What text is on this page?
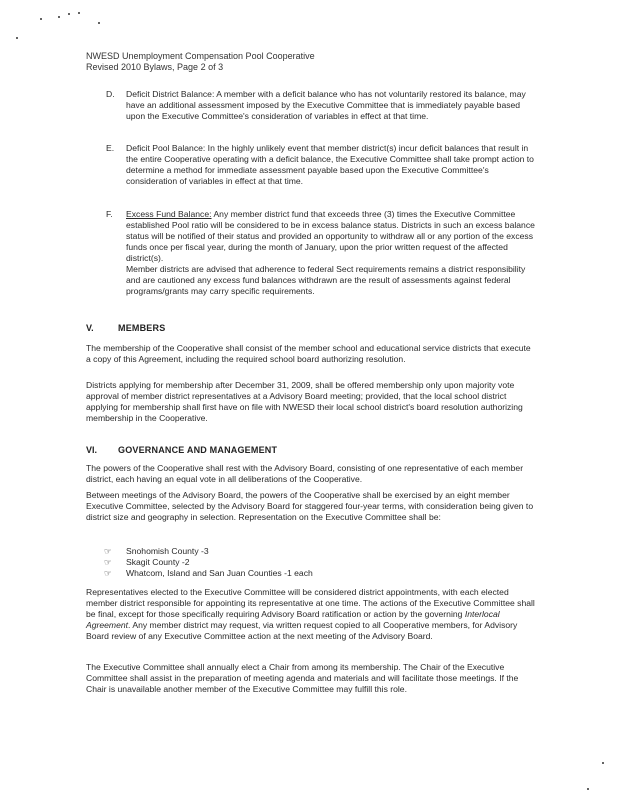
NWESD Unemployment Compensation Pool Cooperative
Revised 2010 Bylaws, Page 2 of 3
D. Deficit District Balance: A member with a deficit balance who has not voluntarily restored its balance, may have an additional assessment imposed by the Executive Committee that is immediately payable based upon the Executive Committee's consideration of variables in effect at that time.
E. Deficit Pool Balance: In the highly unlikely event that member district(s) incur deficit balances that result in the entire Cooperative operating with a deficit balance, the Executive Committee shall take prompt action to determine a method for immediate assessment payable based upon the Executive Committee's consideration of variables in effect at that time.
F. Excess Fund Balance: Any member district fund that exceeds three (3) times the Executive Committee established Pool ratio will be considered to be in excess balance status. Districts in such an excess balance status will be notified of their status and provided an opportunity to withdraw all or any portion of the excess funds once per fiscal year, during the month of January, upon the prior written request of the affected district(s).
Member districts are advised that adherence to federal Sect requirements remains a district responsibility and are cautioned any excess fund balances withdrawn are the result of assessments against federal programs/grants may carry specific requirements.
V.	MEMBERS
The membership of the Cooperative shall consist of the member school and educational service districts that execute a copy of this Agreement, including the required school board authorizing resolution.
Districts applying for membership after December 31, 2009, shall be offered membership only upon majority vote approval of member district representatives at a Advisory Board meeting; provided, that the local school district applying for membership shall first have on file with NWESD their local school district's board resolution authorizing membership in the Cooperative.
VI. GOVERNANCE AND MANAGEMENT
The powers of the Cooperative shall rest with the Advisory Board, consisting of one representative of each member district, each having an equal vote in all deliberations of the Cooperative.
Between meetings of the Advisory Board, the powers of the Cooperative shall be exercised by an eight member Executive Committee, selected by the Advisory Board for staggered four-year terms, with consideration being given to district size and geography in selection. Representation on the Executive Committee shall be:
☞ Snohomish County -3
☞ Skagit County -2
☞ Whatcom, Island and San Juan Counties -1 each
Representatives elected to the Executive Committee will be considered district appointments, with each elected member district responsible for appointing its representative at one time. The actions of the Executive Committee shall be final, except for those specifically requiring Advisory Board ratification or action by the governing Interlocal Agreement. Any member district may request, via written request copied to all Cooperative members, for Advisory Board review of any Executive Committee action at the next meeting of the Advisory Board.
The Executive Committee shall annually elect a Chair from among its membership. The Chair of the Executive Committee shall assist in the preparation of meeting agenda and materials and will facilitate those meetings. If the Chair is unavailable another member of the Executive Committee may fulfill this role.
